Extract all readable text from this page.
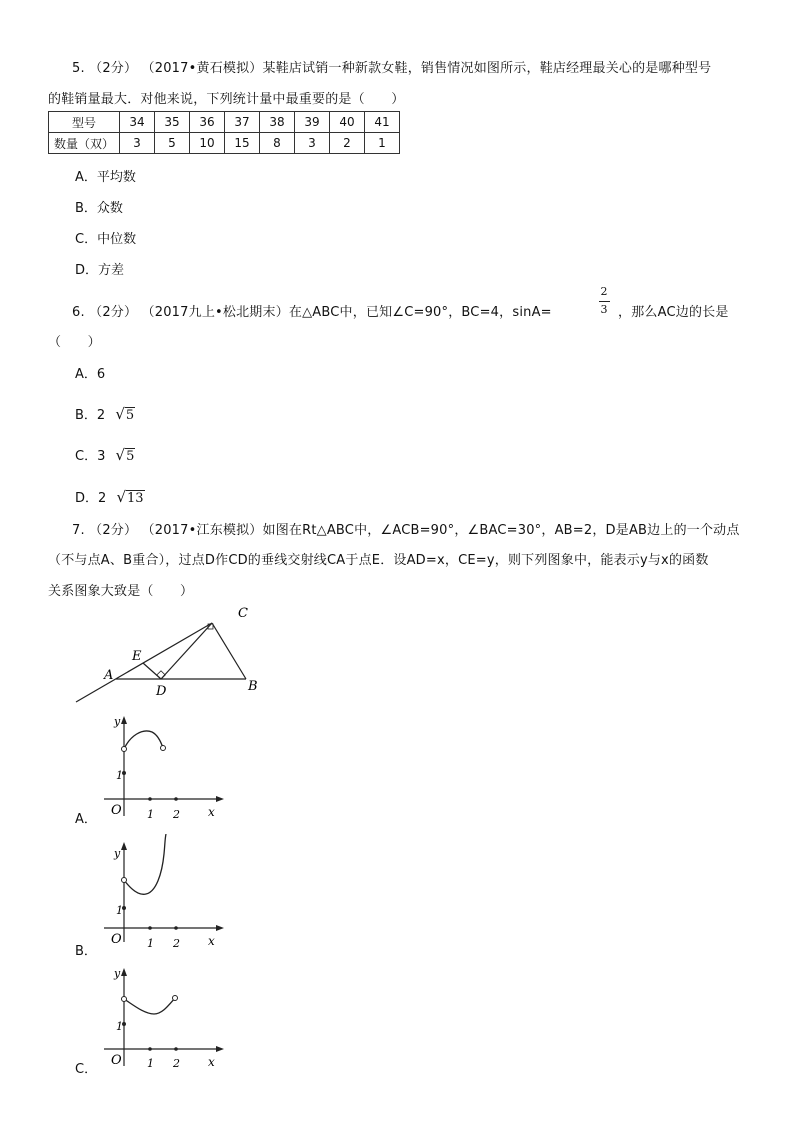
5. （2分） （2017•黄石模拟）某鞋店试销一种新款女鞋，销售情况如图所示，鞋店经理最关心的是哪种型号
的鞋销量最大．对他来说，下列统计量中最重要的是（　　）
型号	34	35	36	37	38	39	40	41
数量（双）	3	5	10	15	8	3	2	1
A．平均数
B．众数
C．中位数
D．方差
6. （2分） （2017九上•松北期末）在△ABC中，已知∠C=90°，BC=4，sinA=
2
3 ，那么AC边的长是
（　　）
A．6
B．2 √5
C．3 √5
D．2 √13
7. （2分） （2017•江东模拟）如图在Rt△ABC中，∠ACB=90°，∠BAC=30°，AB=2，D是AB边上的一个动点
（不与点A、B重合），过点D作CD的垂线交射线CA于点E．设AD=x，CE=y，则下列图象中，能表示y与x的函数
关系图象大致是（　　）
C
E
A
D	B
y
1
O 1 2 x
A．
y
1
O 1 2 x
B．
y
1
O 1 2 x
C．
